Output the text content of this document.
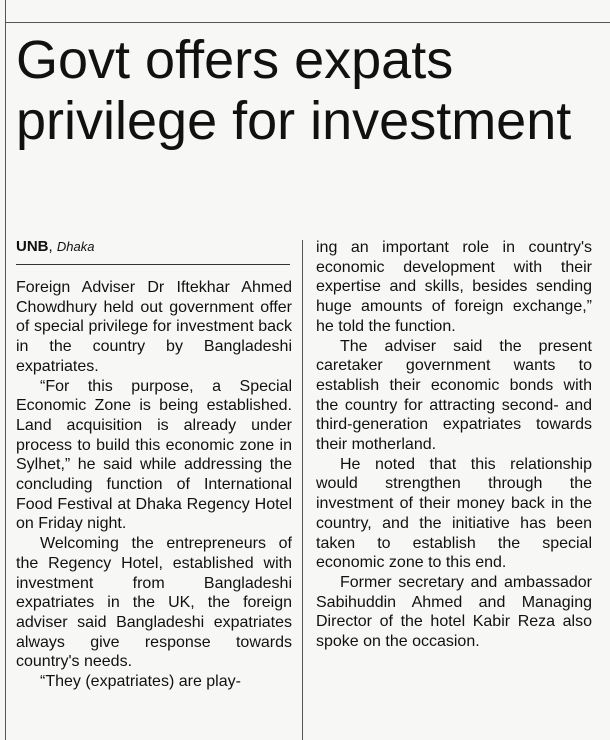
Govt offers expats privilege for investment
UNB, Dhaka

Foreign Adviser Dr Iftekhar Ahmed Chowdhury held out government offer of special privilege for investment back in the country by Bangladeshi expatriates.

“For this purpose, a Special Economic Zone is being established. Land acquisition is already under process to build this economic zone in Sylhet,” he said while addressing the concluding function of International Food Festival at Dhaka Regency Hotel on Friday night.

Welcoming the entrepreneurs of the Regency Hotel, established with investment from Bangladeshi expatriates in the UK, the foreign adviser said Bangladeshi expatriates always give response towards country's needs.

“They (expatriates) are play-

ing an important role in country's economic development with their expertise and skills, besides sending huge amounts of foreign exchange,” he told the function.

The adviser said the present caretaker government wants to establish their economic bonds with the country for attracting second- and third-generation expatriates towards their motherland.

He noted that this relationship would strengthen through the investment of their money back in the country, and the initiative has been taken to establish the special economic zone to this end.

Former secretary and ambassador Sabihuddin Ahmed and Managing Director of the hotel Kabir Reza also spoke on the occasion.
